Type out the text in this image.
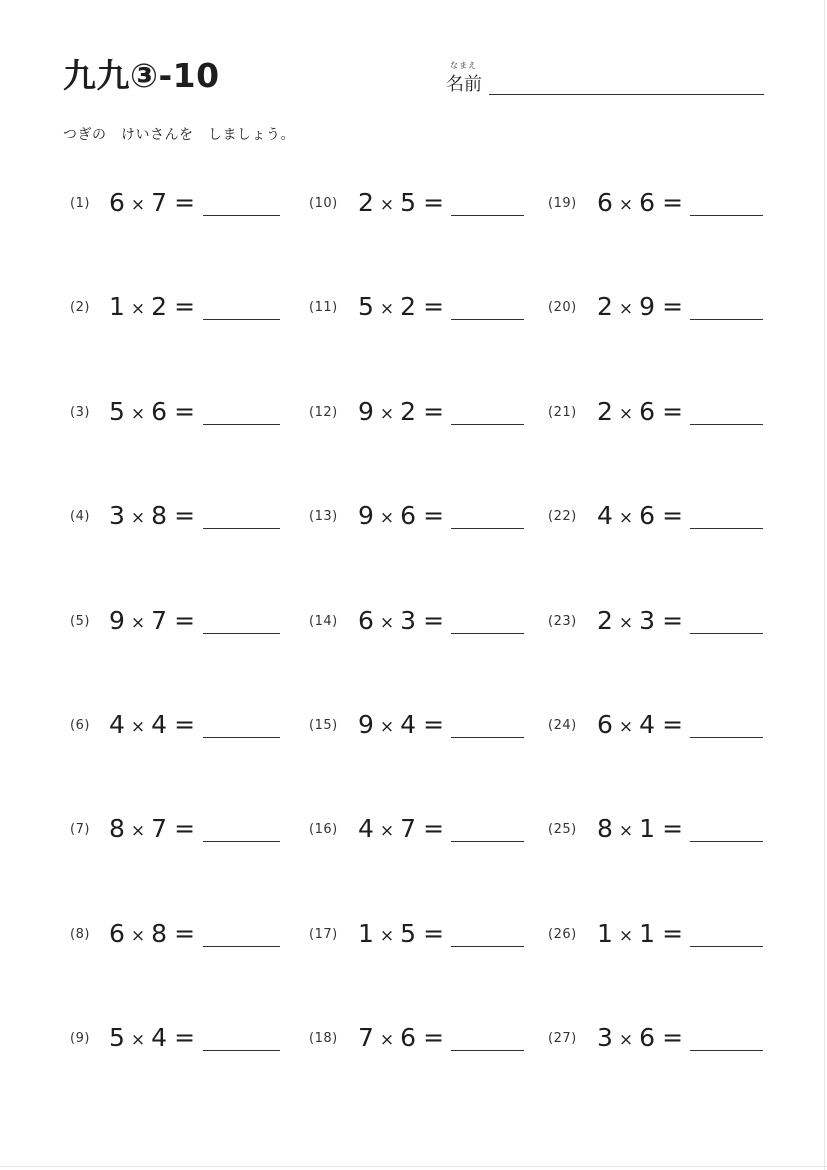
九九③-10	なまえ
名前
つぎの　けいさんを　しましょう。
(1) 6 × 7 =
(2) 1 × 2 =
(3) 5 × 6 =
(4) 3 × 8 =
(5) 9 × 7 =
(6) 4 × 4 =
(7) 8 × 7 =
(8) 6 × 8 =
(9) 5 × 4 =
(10) 2 × 5 =
(11) 5 × 2 =
(12) 9 × 2 =
(13) 9 × 6 =
(14) 6 × 3 =
(15) 9 × 4 =
(16) 4 × 7 =
(17) 1 × 5 =
(18) 7 × 6 =
(19) 6 × 6 =
(20) 2 × 9 =
(21) 2 × 6 =
(22) 4 × 6 =
(23) 2 × 3 =
(24) 6 × 4 =
(25) 8 × 1 =
(26) 1 × 1 =
(27) 3 × 6 =
